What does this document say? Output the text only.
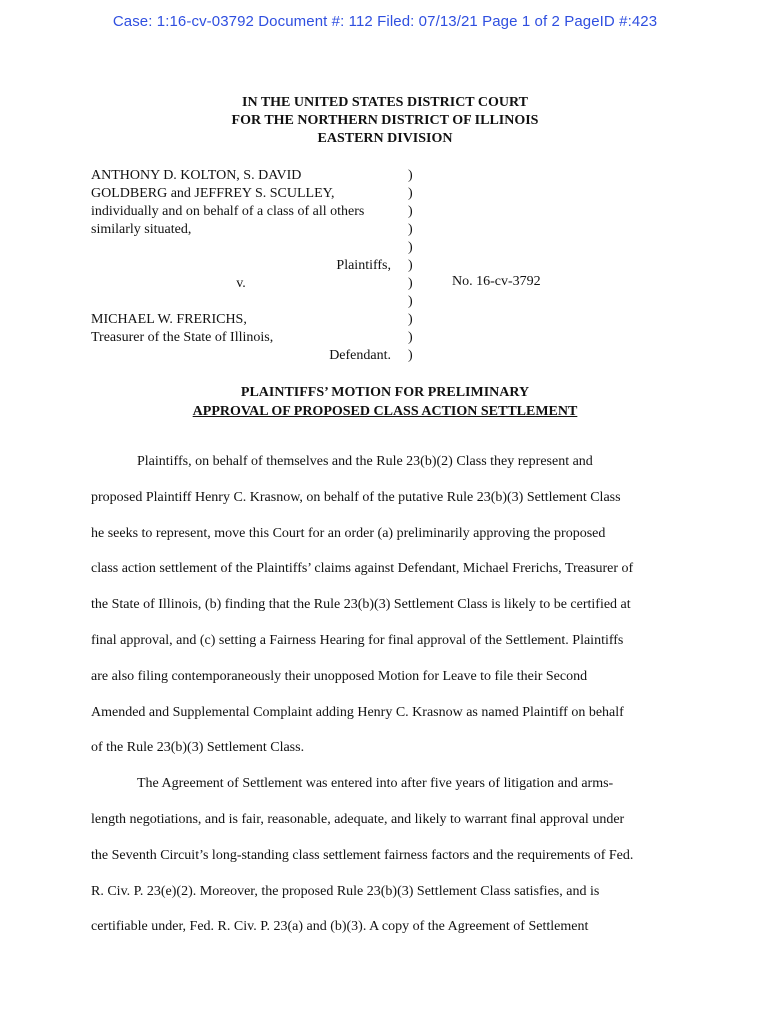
Case: 1:16-cv-03792 Document #: 112 Filed: 07/13/21 Page 1 of 2 PageID #:423
IN THE UNITED STATES DISTRICT COURT
FOR THE NORTHERN DISTRICT OF ILLINOIS
EASTERN DIVISION
ANTHONY D. KOLTON, S. DAVID
GOLDBERG and JEFFREY S. SCULLEY,
individually and on behalf of a class of all others
similarly situated,
Plaintiffs,
v.
MICHAEL W. FRERICHS,
Treasurer of the State of Illinois,
Defendant.
)
)
)
)
)
)
)
)
)
)
)
No. 16-cv-3792
PLAINTIFFS’ MOTION FOR PRELIMINARY
APPROVAL OF PROPOSED CLASS ACTION SETTLEMENT
Plaintiffs, on behalf of themselves and the Rule 23(b)(2) Class they represent and
proposed Plaintiff Henry C. Krasnow, on behalf of the putative Rule 23(b)(3) Settlement Class
he seeks to represent, move this Court for an order (a) preliminarily approving the proposed
class action settlement of the Plaintiffs’ claims against Defendant, Michael Frerichs, Treasurer of
the State of Illinois, (b) finding that the Rule 23(b)(3) Settlement Class is likely to be certified at
final approval, and (c) setting a Fairness Hearing for final approval of the Settlement. Plaintiffs
are also filing contemporaneously their unopposed Motion for Leave to file their Second
Amended and Supplemental Complaint adding Henry C. Krasnow as named Plaintiff on behalf
of the Rule 23(b)(3) Settlement Class.
The Agreement of Settlement was entered into after five years of litigation and arms-
length negotiations, and is fair, reasonable, adequate, and likely to warrant final approval under
the Seventh Circuit’s long-standing class settlement fairness factors and the requirements of Fed.
R. Civ. P. 23(e)(2). Moreover, the proposed Rule 23(b)(3) Settlement Class satisfies, and is
certifiable under, Fed. R. Civ. P. 23(a) and (b)(3). A copy of the Agreement of Settlement
